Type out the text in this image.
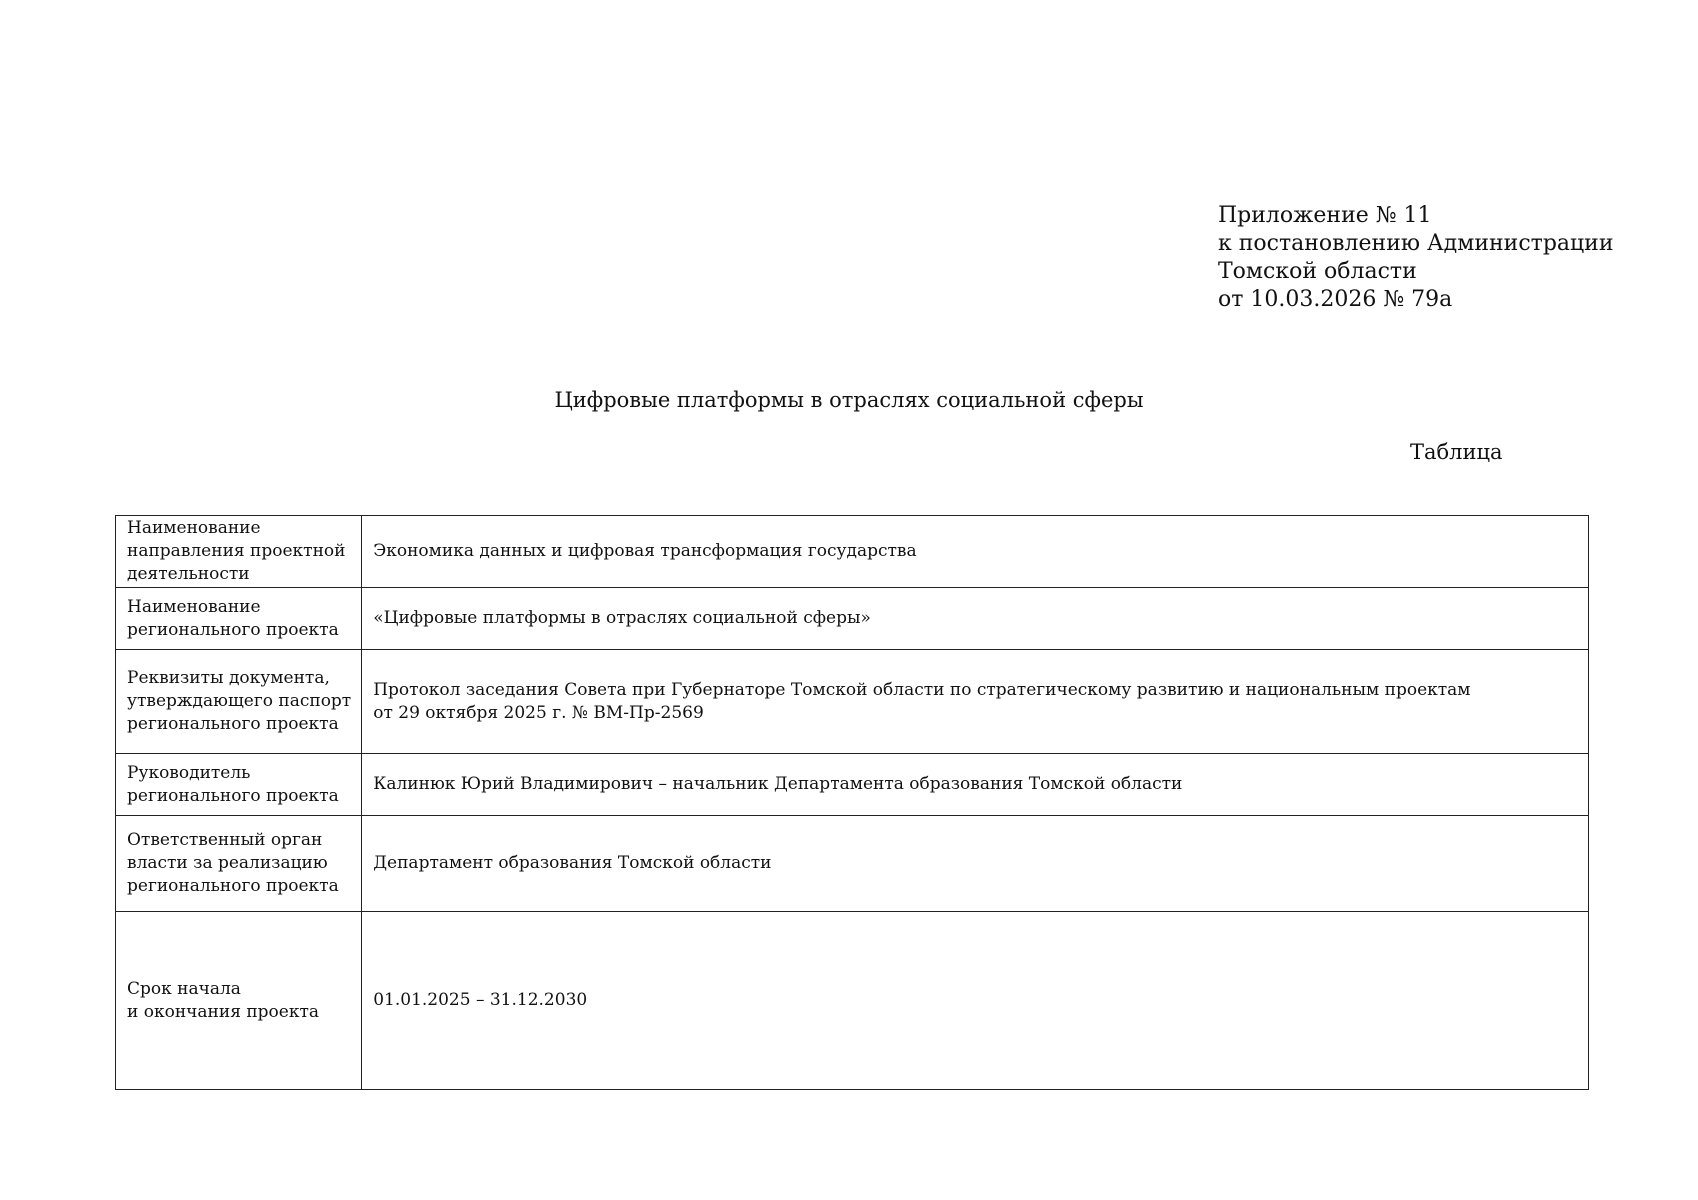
Приложение № 11
к постановлению Администрации
Томской области
от 10.03.2026 № 79а
Цифровые платформы в отраслях социальной сферы
Таблица
Наименование
направления проектной
деятельности	Экономика данных и цифровая трансформация государства

Наименование
регионального проекта	«Цифровые платформы в отраслях социальной сферы»

Реквизиты документа,
утверждающего паспорт
регионального проекта	Протокол заседания Совета при Губернаторе Томской области по стратегическому развитию и национальным проектам
от 29 октября 2025 г. № ВМ-Пр-2569

Руководитель
регионального проекта	Калинюк Юрий Владимирович – начальник Департамента образования Томской области

Ответственный орган
власти за реализацию
регионального проекта	Департамент образования Томской области

Срок начала
и окончания проекта	01.01.2025 – 31.12.2030
